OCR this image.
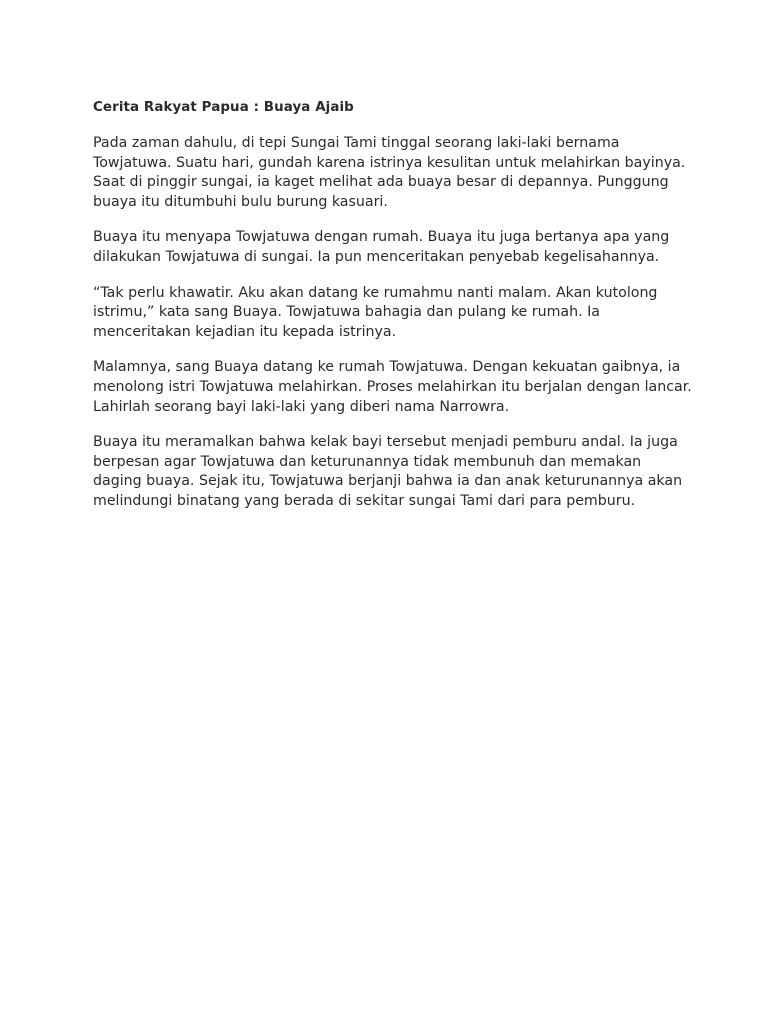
Cerita Rakyat Papua : Buaya Ajaib

Pada zaman dahulu, di tepi Sungai Tami tinggal seorang laki-laki bernama Towjatuwa. Suatu hari, gundah karena istrinya kesulitan untuk melahirkan bayinya. Saat di pinggir sungai, ia kaget melihat ada buaya besar di depannya. Punggung buaya itu ditumbuhi bulu burung kasuari.

Buaya itu menyapa Towjatuwa dengan rumah. Buaya itu juga bertanya apa yang dilakukan Towjatuwa di sungai. Ia pun menceritakan penyebab kegelisahannya.

“Tak perlu khawatir. Aku akan datang ke rumahmu nanti malam. Akan kutolong istrimu,” kata sang Buaya. Towjatuwa bahagia dan pulang ke rumah. Ia menceritakan kejadian itu kepada istrinya.

Malamnya, sang Buaya datang ke rumah Towjatuwa. Dengan kekuatan gaibnya, ia menolong istri Towjatuwa melahirkan. Proses melahirkan itu berjalan dengan lancar. Lahirlah seorang bayi laki-laki yang diberi nama Narrowra.

Buaya itu meramalkan bahwa kelak bayi tersebut menjadi pemburu andal. Ia juga berpesan agar Towjatuwa dan keturunannya tidak membunuh dan memakan daging buaya. Sejak itu, Towjatuwa berjanji bahwa ia dan anak keturunannya akan melindungi binatang yang berada di sekitar sungai Tami dari para pemburu.
